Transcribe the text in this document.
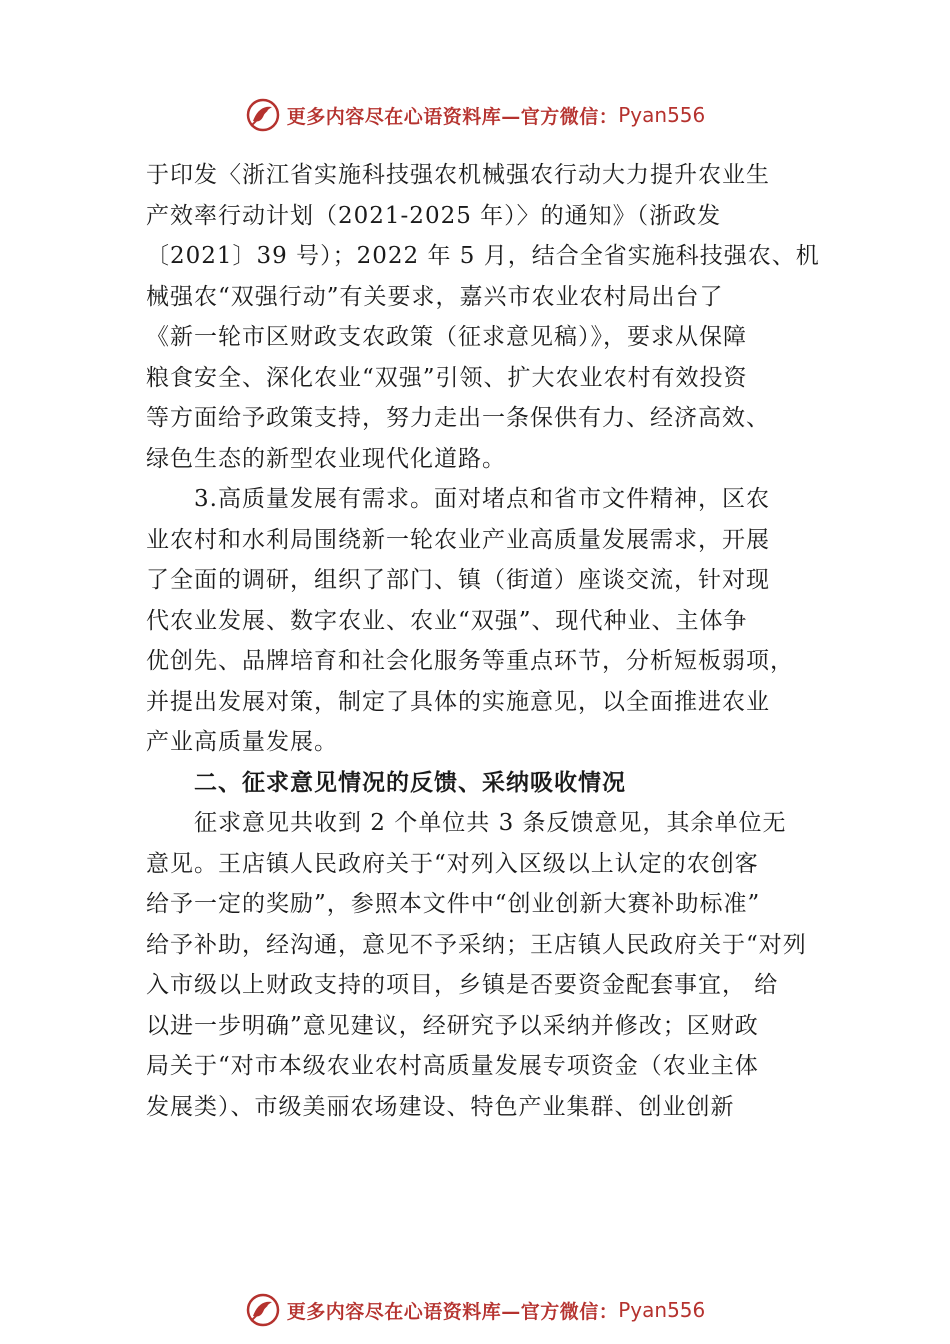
更多内容尽在心语资料库—官方微信： Pyan556

于印发〈浙江省实施科技强农机械强农行动大力提升农业生
产效率行动计划（2021-2025 年）〉的通知》（浙政发
〔2021〕39 号）；2022 年 5 月，结合全省实施科技强农、机
械强农“双强行动”有关要求，嘉兴市农业农村局出台了
《新一轮市区财政支农政策（征求意见稿）》，要求从保障
粮食安全、深化农业“双强”引领、扩大农业农村有效投资
等方面给予政策支持，努力走出一条保供有力、经济高效、
绿色生态的新型农业现代化道路。

3.高质量发展有需求。面对堵点和省市文件精神，区农
业农村和水利局围绕新一轮农业产业高质量发展需求，开展
了全面的调研，组织了部门、镇（街道）座谈交流，针对现
代农业发展、数字农业、农业“双强”、现代种业、主体争
优创先、品牌培育和社会化服务等重点环节，分析短板弱项，
并提出发展对策，制定了具体的实施意见，以全面推进农业
产业高质量发展。

二、征求意见情况的反馈、采纳吸收情况

征求意见共收到 2 个单位共 3 条反馈意见，其余单位无
意见。王店镇人民政府关于“对列入区级以上认定的农创客
给予一定的奖励”，参照本文件中“创业创新大赛补助标准”
给予补助，经沟通，意见不予采纳；王店镇人民政府关于“对列
入市级以上财政支持的项目，乡镇是否要资金配套事宜， 给
以进一步明确”意见建议，经研究予以采纳并修改；区财政
局关于“对市本级农业农村高质量发展专项资金（农业主体
发展类）、市级美丽农场建设、特色产业集群、创业创新

更多内容尽在心语资料库—官方微信： Pyan556
